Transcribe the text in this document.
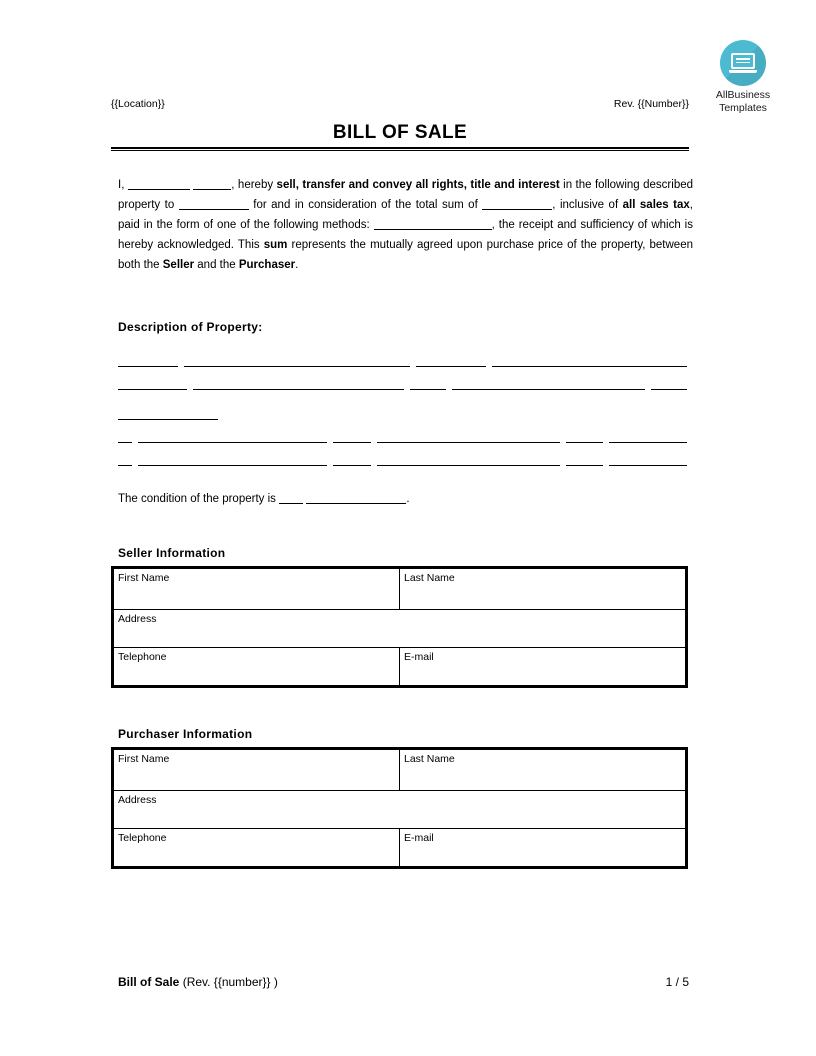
AllBusiness
Templates
{{Location}}	Rev. {{Number}}
BILL OF SALE

I,	, hereby sell, transfer and convey all rights, title and interest in the following described property to	for and in consideration of the total sum of	, inclusive of all sales tax, paid in the form of one of the following methods:	, the receipt and sufficiency of which is hereby acknowledged. This sum represents the mutually agreed upon purchase price of the property, between both the Seller and the Purchaser.

Description of Property:
The condition of the property is	.
Seller Information
First Name	Last Name
Address	
Telephone	E-mail
Purchaser Information
First Name	Last Name
Address	
Telephone	E-mail
Bill of Sale (Rev. {{number}} )	1 / 5
